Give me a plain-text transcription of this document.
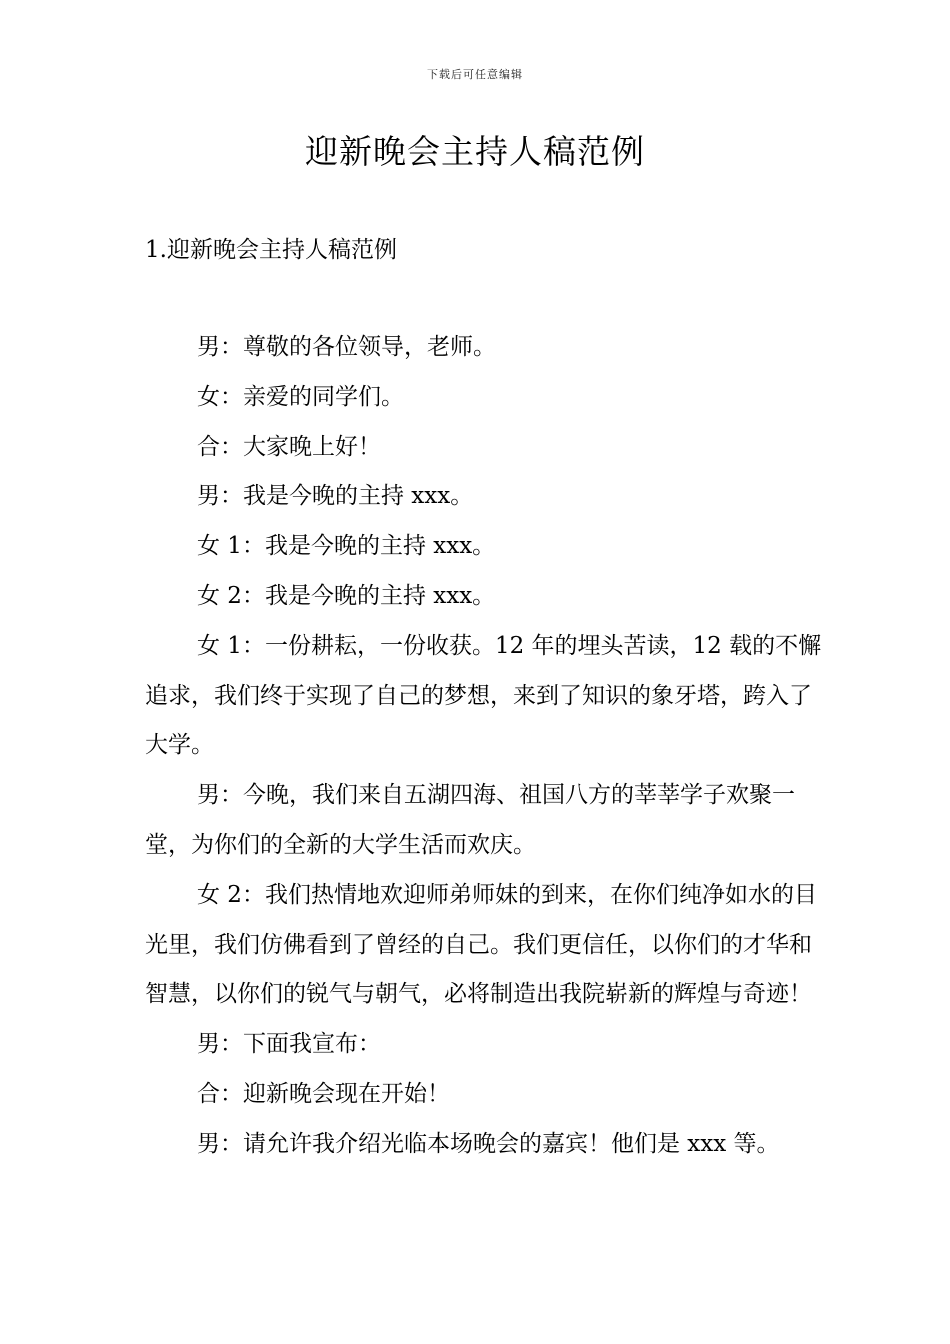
下载后可任意编辑
迎新晚会主持人稿范例
1.迎新晚会主持人稿范例

男：尊敬的各位领导，老师。

女：亲爱的同学们。

合：大家晚上好！

男：我是今晚的主持 xxx。

女 1：我是今晚的主持 xxx。

女 2：我是今晚的主持 xxx。

女 1：一份耕耘，一份收获。12 年的埋头苦读，12 载的不懈追求，我们终于实现了自己的梦想，来到了知识的象牙塔，跨入了大学。

男：今晚，我们来自五湖四海、祖国八方的莘莘学子欢聚一堂，为你们的全新的大学生活而欢庆。

女 2：我们热情地欢迎师弟师妹的到来，在你们纯净如水的目光里，我们仿佛看到了曾经的自己。我们更信任，以你们的才华和智慧，以你们的锐气与朝气，必将制造出我院崭新的辉煌与奇迹！

男：下面我宣布：

合：迎新晚会现在开始！

男：请允许我介绍光临本场晚会的嘉宾！他们是 xxx 等。
